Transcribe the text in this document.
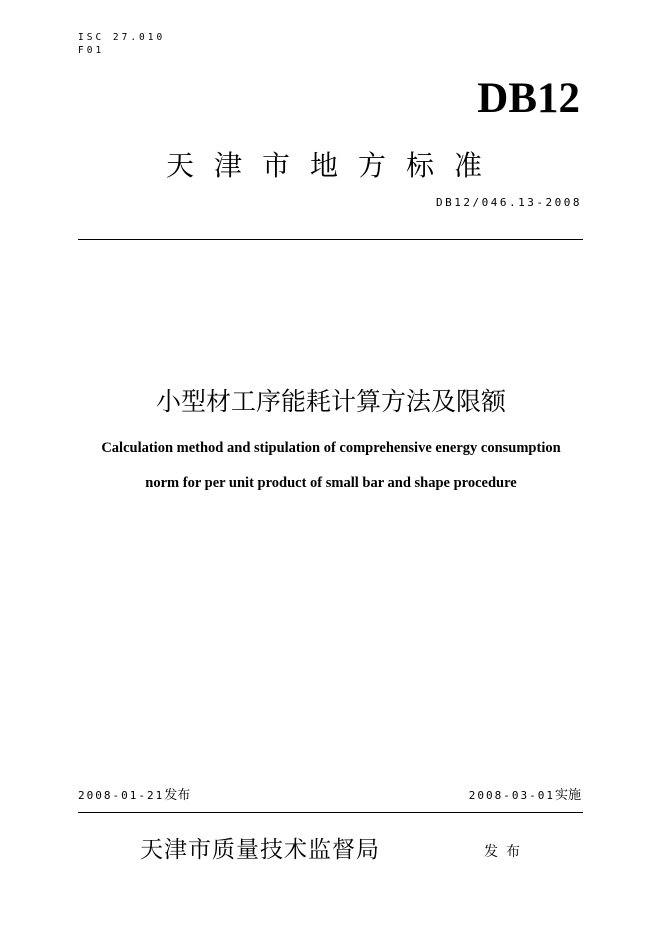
ISC 27.010
F01
DB12
天津市地方标准
DB12/046.13-2008
小型材工序能耗计算方法及限额
Calculation method and stipulation of comprehensive energy consumption
norm for per unit product of small bar and shape procedure
2008-01-21发布	2008-03-01实施
天津市质量技术监督局	发布
